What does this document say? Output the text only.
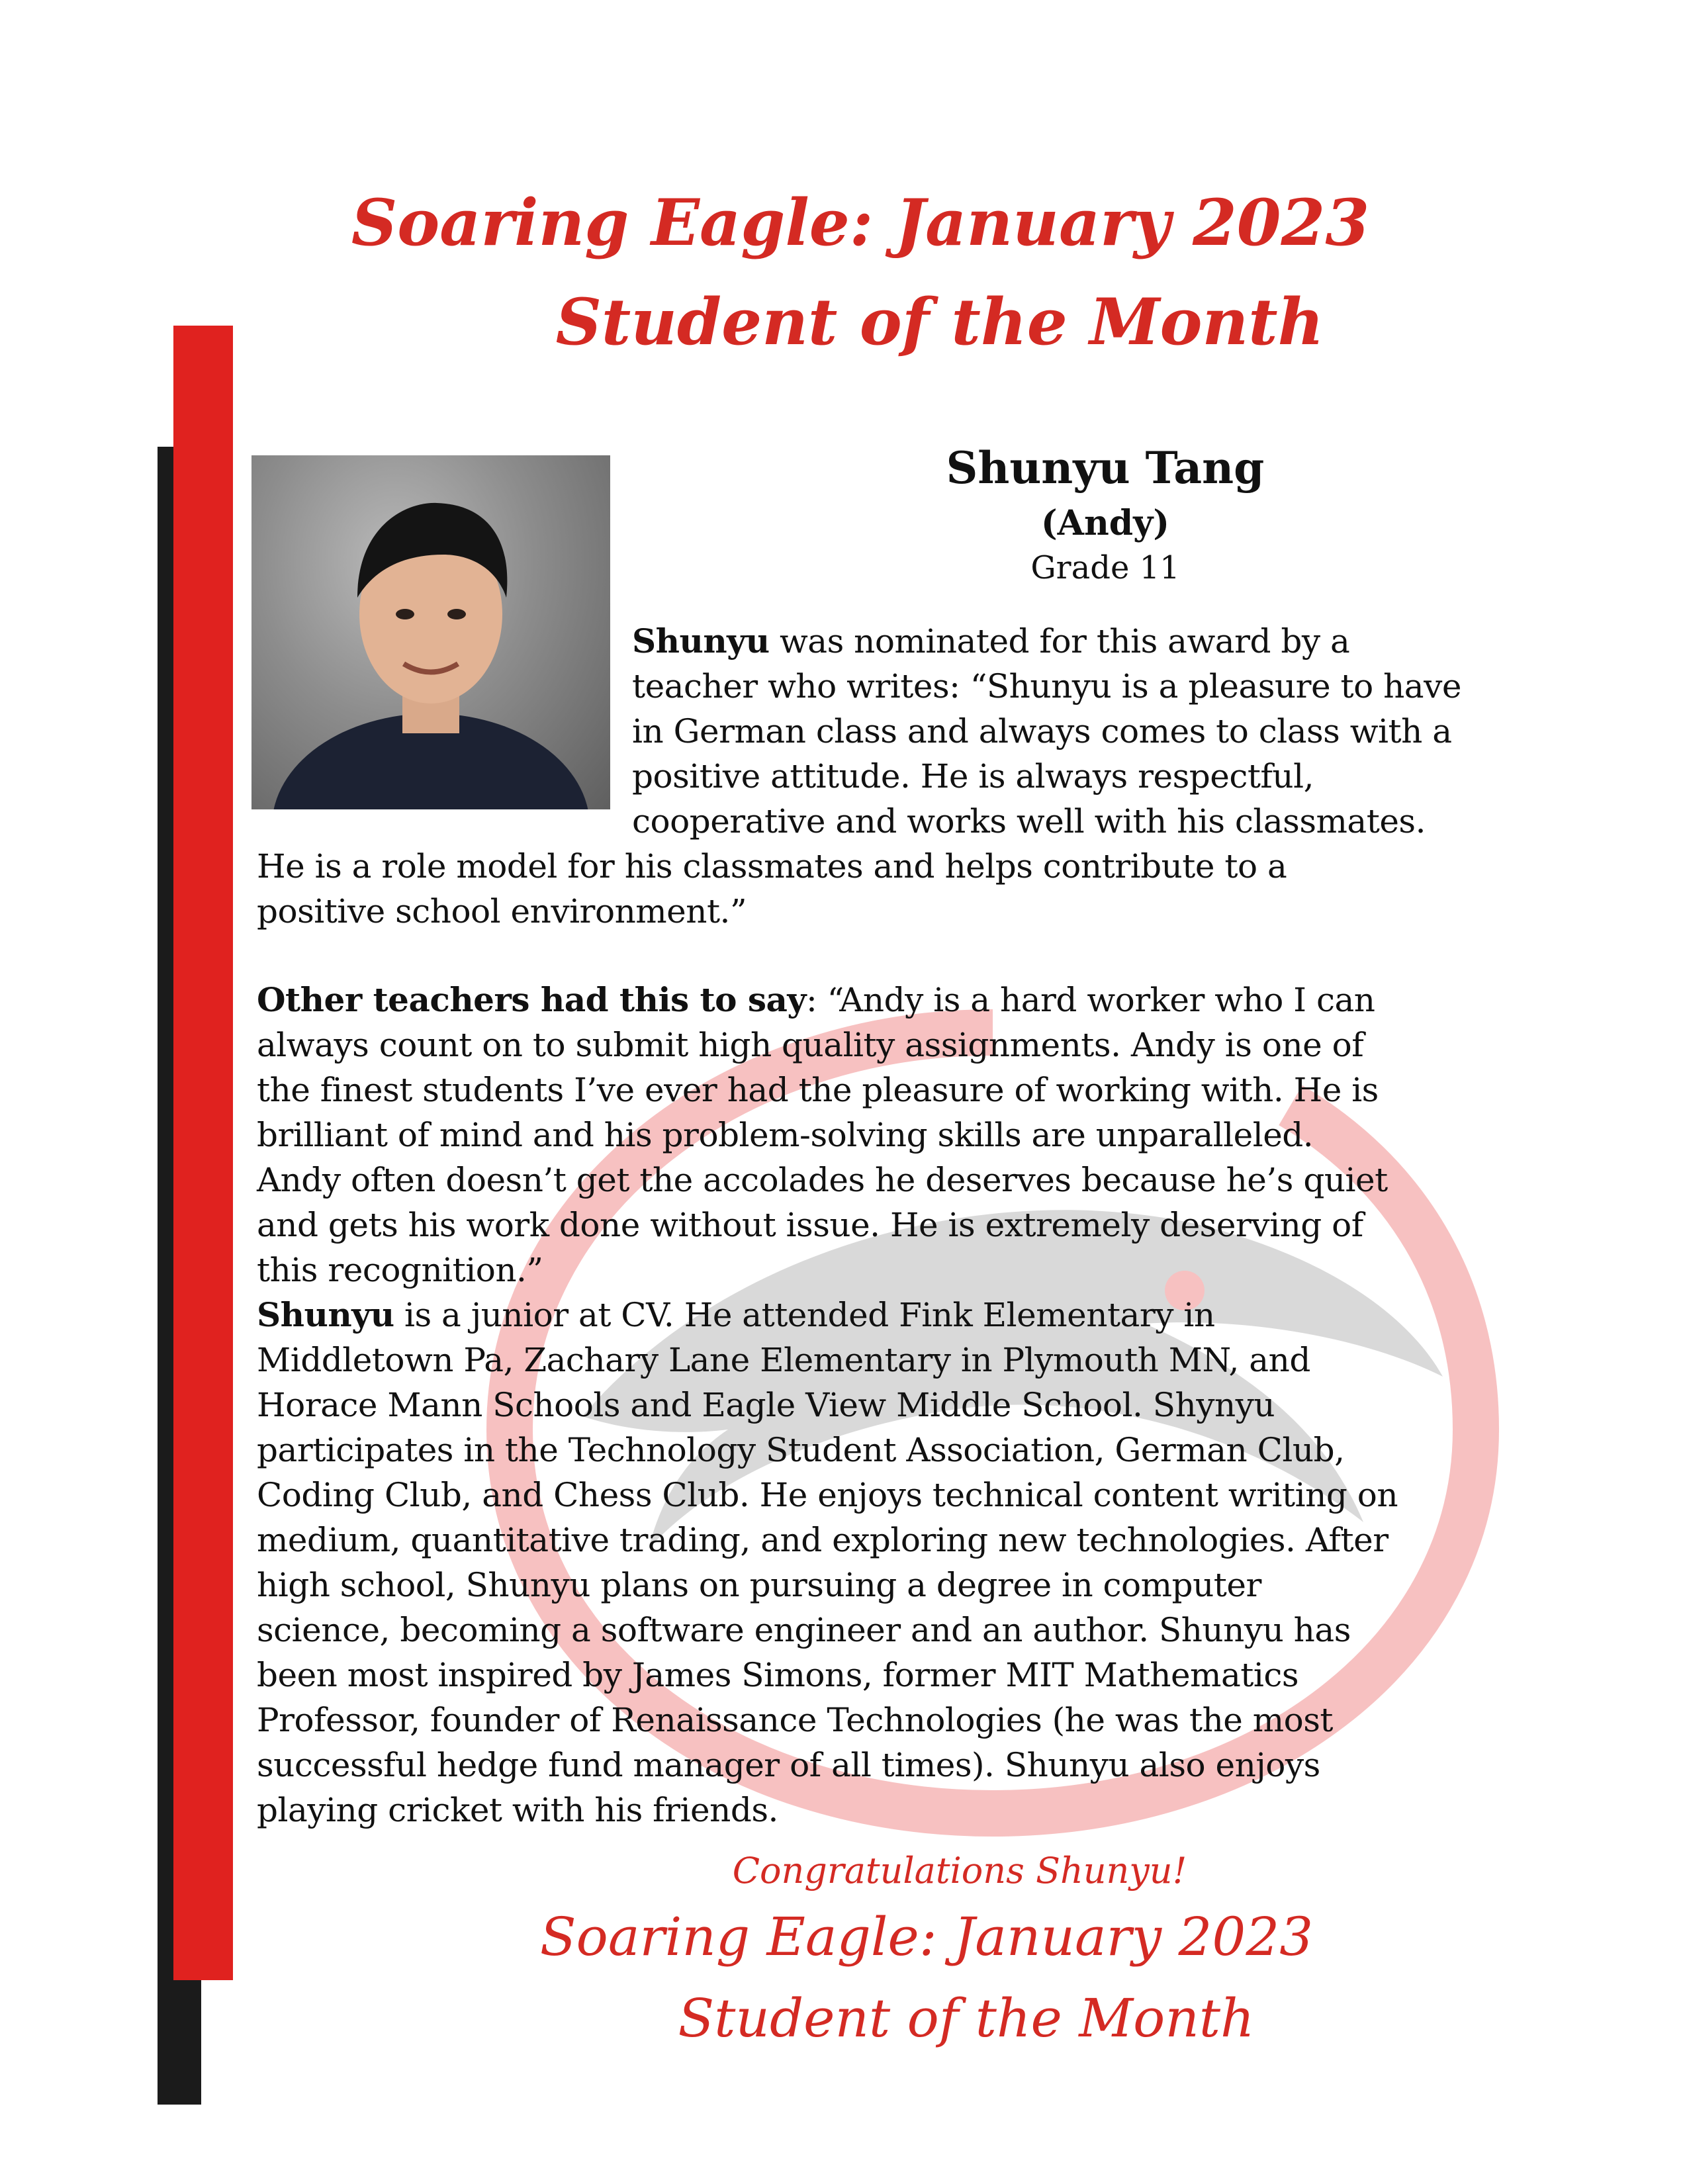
Soaring Eagle: January 2023
Student of the Month
Shunyu Tang
(Andy)
Grade 11
Shunyu was nominated for this award by a
teacher who writes: “Shunyu is a pleasure to have
in German class and always comes to class with a
positive attitude. He is always respectful,
cooperative and works well with his classmates.
He is a role model for his classmates and helps contribute to a
positive school environment.”
Other teachers had this to say: “Andy is a hard worker who I can
always count on to submit high quality assignments. Andy is one of
the finest students I’ve ever had the pleasure of working with. He is
brilliant of mind and his problem-solving skills are unparalleled.
Andy often doesn’t get the accolades he deserves because he’s quiet
and gets his work done without issue. He is extremely deserving of
this recognition.”
Shunyu is a junior at CV. He attended Fink Elementary in
Middletown Pa, Zachary Lane Elementary in Plymouth MN, and
Horace Mann Schools and Eagle View Middle School. Shynyu
participates in the Technology Student Association, German Club,
Coding Club, and Chess Club. He enjoys technical content writing on
medium, quantitative trading, and exploring new technologies. After
high school, Shunyu plans on pursuing a degree in computer
science, becoming a software engineer and an author. Shunyu has
been most inspired by James Simons, former MIT Mathematics
Professor, founder of Renaissance Technologies (he was the most
successful hedge fund manager of all times). Shunyu also enjoys
playing cricket with his friends.
Congratulations Shunyu!
Soaring Eagle: January 2023
Student of the Month
